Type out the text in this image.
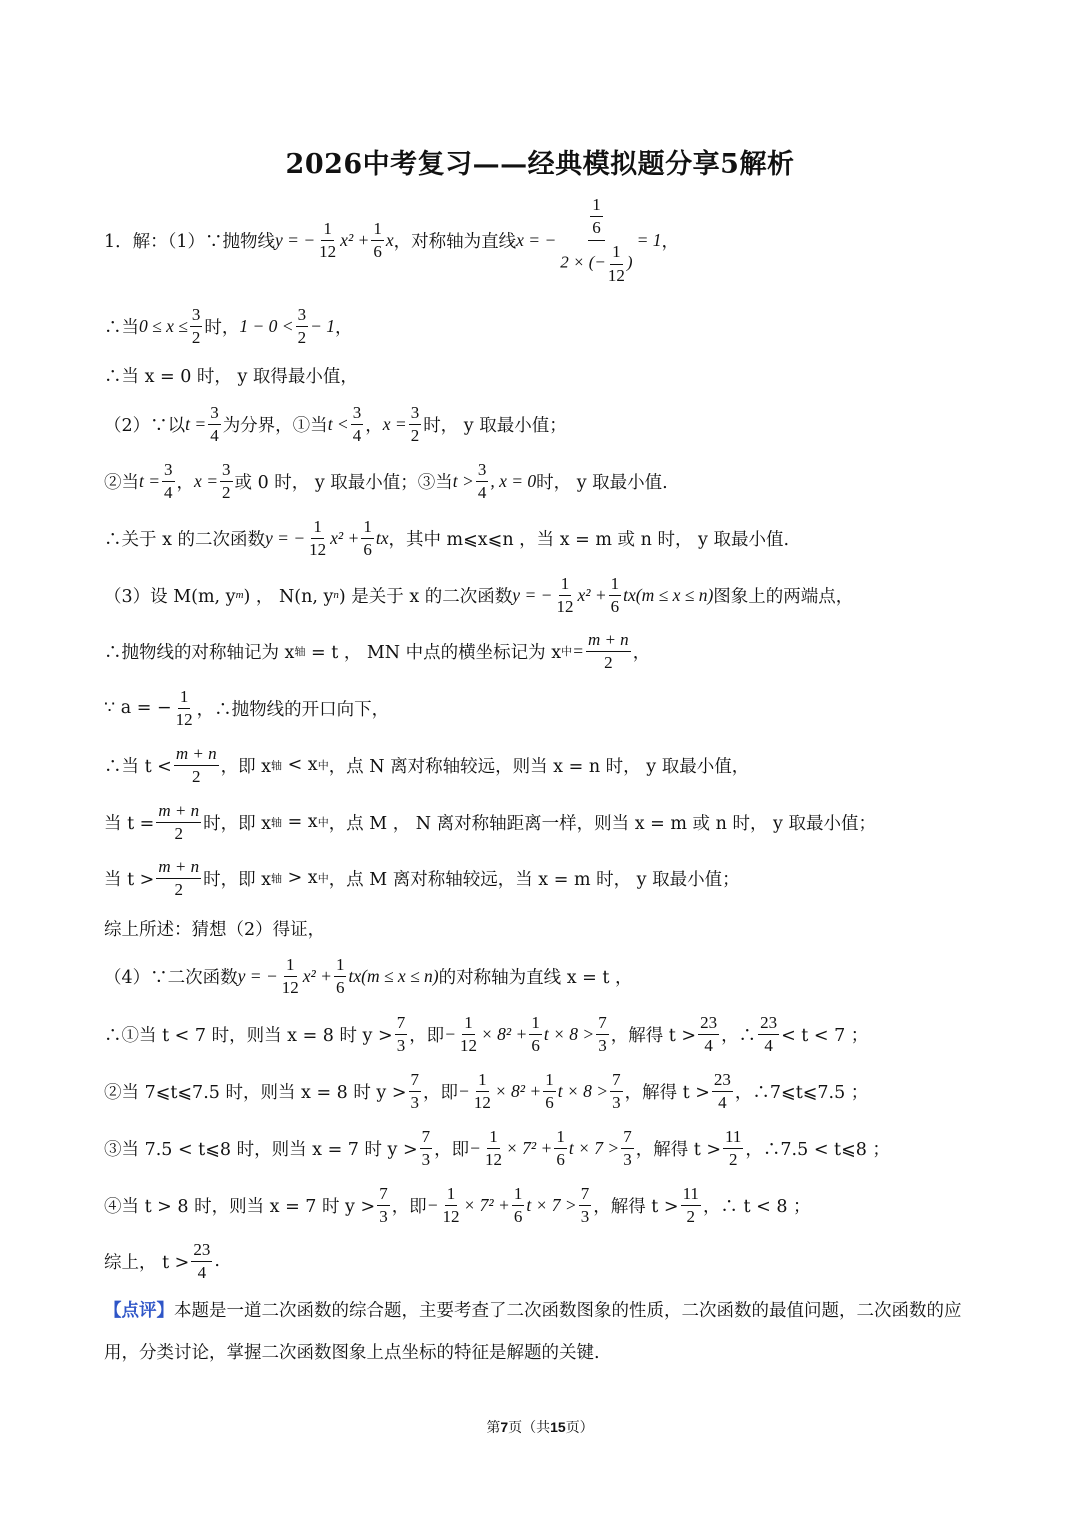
2026中考复习——经典模拟题分享5解析
1．解：（1）∵抛物线 y = − $\frac{1}{12} x^2 + \frac{1}{6}$ x ，对称轴为直线 x = − $\frac{\frac{1}{6}}{2 \times (- \frac{1}{12} )} = 1$ ，
∴当 $0 \le x \le \frac{3}{2}$ 时， $1 - 0 < \frac{3}{2} - 1$ ，
∴当 x = 0 时， y 取得最小值，
（2）∵以 $t = \frac{3}{4}$ 为分界，①当 $t < \frac{3}{4}$ ， $x = \frac{3}{2}$ 时， y 取最小值；
②当 $t = \frac{3}{4}$ ， $x = \frac{3}{2}$ 或 0 时， y 取最小值；③当 $t > \frac{3}{4}$ , x = 0 时， y 取最小值.
∴关于 x 的二次函数 y = − $\frac{1}{12} x^2 + \frac{1}{6}$ tx ，其中 m⩽x⩽n ，当 x = m 或 n 时， y 取最小值.
（3）设 M(m, y m ) ， N(n, y n ) 是关于 x 的二次函数 y = − $\frac{1}{12} x^2 + \frac{1}{6} tx(m \le x \le n)$ 图象上的两端点，
∴抛物线的对称轴记为 x 轴 = t ， MN 中点的横坐标记为 x 中 = $\frac{m + n}{2}$ ，
∵ a = − $\frac{1}{12}$ ，∴抛物线的开口向下，
∴当 $t < \frac{m + n}{2}$ ，即 x 轴 < x 中 ，点 N 离对称轴较远，则当 x = n 时， y 取最小值，
当 $t = \frac{m + n}{2}$ 时，即 x 轴 = x 中 ，点 M ， N 离对称轴距离一样，则当 x = m 或 n 时， y 取最小值；
当 $t > \frac{m + n}{2}$ 时，即 x 轴 > x 中 ，点 M 离对称轴较远，当 x = m 时， y 取最小值；
综上所述：猜想（2）得证，
（4）∵二次函数 y = − $\frac{1}{12} x^2 + \frac{1}{6} tx(m \le x \le n)$ 的对称轴为直线 x = t ，
∴①当 t < 7 时，则当 x = 8 时 $y > \frac{7}{3}$ ，即 − $\frac{1}{12} \times 8^2 + \frac{1}{6}$ $t \times 8 > \frac{7}{3}$ ，解得 $t > \frac{23}{4}$ ，∴ $\frac{23}{4} < t < 7$ ；
②当 7⩽t⩽7.5 时，则当 x = 8 时 $y > \frac{7}{3}$ ，即 − $\frac{1}{12} \times 8^2 + \frac{1}{6}$ $t \times 8 > \frac{7}{3}$ ，解得 $t > \frac{23}{4}$ ，∴7⩽t⩽7.5 ；
③当 7.5 < t⩽8 时，则当 x = 7 时 $y > \frac{7}{3}$ ，即 − $\frac{1}{12} \times 7^2 + \frac{1}{6}$ $t \times 7 > \frac{7}{3}$ ，解得 $t > \frac{11}{2}$ ，∴7.5 < t⩽8 ；
④当 t > 8 时，则当 x = 7 时 $y > \frac{7}{3}$ ，即 − $\frac{1}{12} \times 7^2 + \frac{1}{6}$ $t \times 7 > \frac{7}{3}$ ，解得 $t > \frac{11}{2}$ ，∴ t < 8 ；
综上， $t > \frac{23}{4}$ .
【点评】本题是一道二次函数的综合题，主要考查了二次函数图象的性质，二次函数的最值问题，二次函数的应用，分类讨论，掌握二次函数图象上点坐标的特征是解题的关键.
第7页（共15页）
